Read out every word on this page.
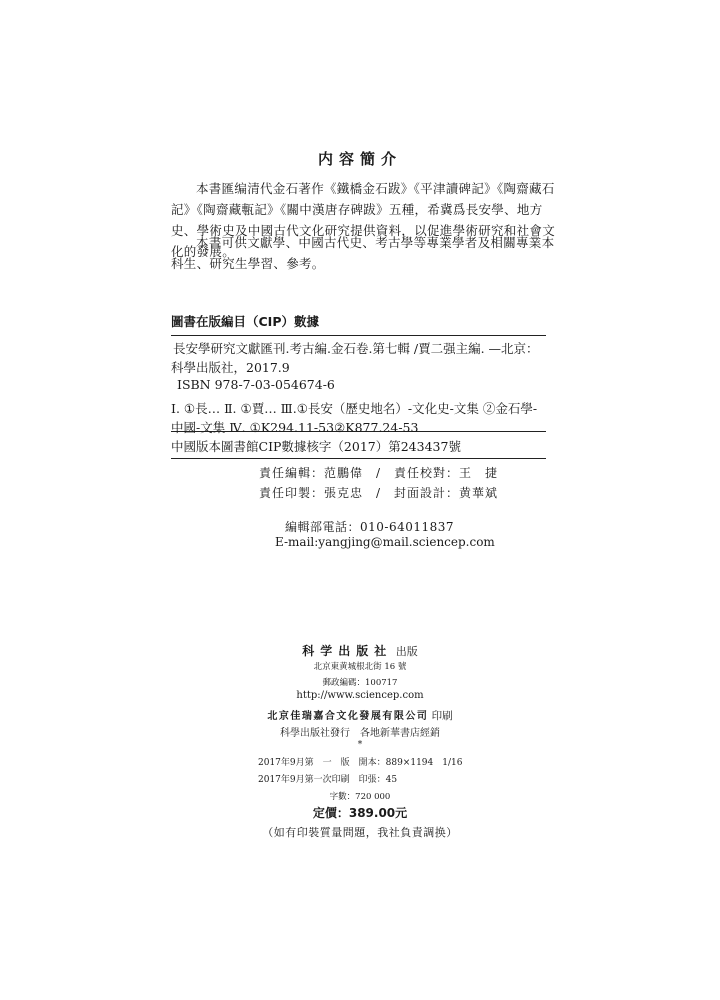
内容簡介
本書匯编清代金石著作《鐵橋金石跋》《平津讀碑記》《陶齋藏石記》《陶齋藏甎記》《關中漢唐存碑跋》五種，希冀爲長安學、地方史、學術史及中國古代文化研究提供資料，以促進學術研究和社會文化的發展。
本書可供文獻學、中國古代史、考古學等專業學者及相關專業本科生、研究生學習、參考。
圖書在版編目（CIP）數據
長安學研究文獻匯刊.考古編.金石卷.第七輯 /賈二强主編. —北京：科學出版社，2017.9
ISBN 978-7-03-054674-6
Ⅰ. ①長… Ⅱ. ①賈… Ⅲ.①長安（歷史地名）-文化史-文集 ②金石學-中國-文集 Ⅳ. ①K294.11-53②K877.24-53
中國版本圖書館CIP數據核字（2017）第243437號
責任編輯：范鵬偉　/　責任校對：王　捷
責任印製：張克忠　/　封面設計：黄華斌
編輯部電話：010-64011837
E-mail:yangjing@mail.sciencep.com
科学出版社 出版
北京東黄城根北街 16 號
郵政編碼：100717
http://www.sciencep.com
北京佳瑞嘉合文化發展有限公司 印刷
科學出版社發行　各地新華書店經銷
*
2017年9月第　一　版　開本：889×1194　1/16
2017年9月第一次印刷　印張：45
字數：720 000
定價：389.00元
（如有印裝質量問題，我社負責調换）
